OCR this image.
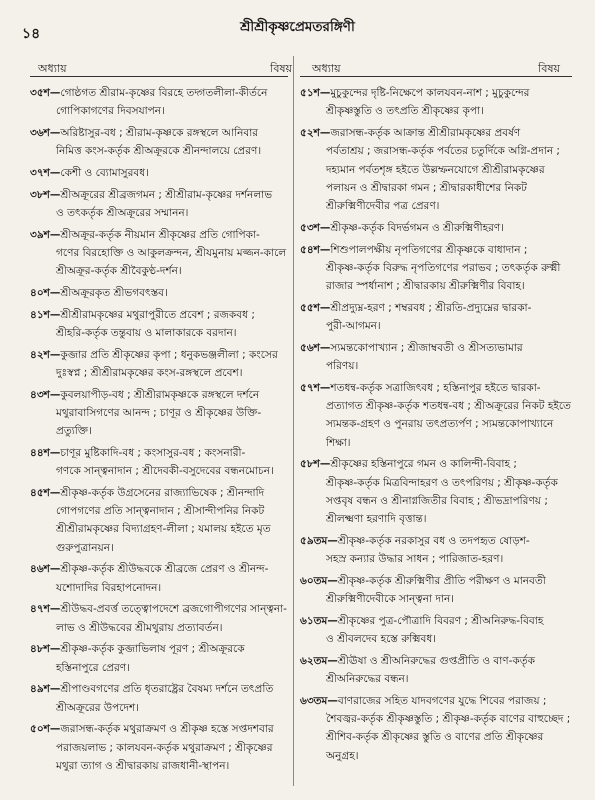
১৪	শ্রীশ্রীকৃষ্ণপ্রেমতরঙ্গিণী
অধ্যায়	বিষয় অধ্যায়	বিষয়
৩৫শ—গোষ্ঠগত শ্রীরাম-কৃষ্ণের বিরহে তদ্গতলীলা-কীর্তনে
গোপিকাগণের দিবসযাপন।
৩৬শ—অরিষ্টাসুর-বধ ; শ্রীরাম-কৃষ্ণকে রঙ্গস্থলে আনিবার
নিমিত্ত কংস-কর্তৃক শ্রীঅক্রূরকে শ্রীনন্দালয়ে প্রেরণ।
৩৭শ—কেশী ও ব্যোমাসুরবধ।
৩৮শ—শ্রীঅক্রূরের শ্রীব্রজগমন ; শ্রীশ্রীরাম-কৃষ্ণের দর্শনলাভ
ও তৎকর্তৃক শ্রীঅক্রূরের সম্মানন।
৩৯শ—শ্রীঅক্রূর-কর্তৃক নীয়মান শ্রীকৃষ্ণের প্রতি গোপিকা-
গণের বিরহোক্তি ও আকুলক্রন্দন, শ্রীযমুনায় মজ্জন-কালে শ্রীঅক্রূর-কর্তৃক শ্রীবৈকুণ্ঠ-দর্শন।
৪০শ—শ্রীঅক্রূরকৃত শ্রীভগবৎস্তব।
৪১শ—শ্রীশ্রীরামকৃষ্ণের মথুরাপুরীতে প্রবেশ ; রজকবধ ;
শ্রীহরি-কর্তৃক তন্তুবায় ও মালাকারকে বরদান।
৪২শ—কুব্জার প্রতি শ্রীকৃষ্ণের কৃপা ; ধনুকভঞ্জলীলা ; কংসের
দুঃস্বপ্ন ; শ্রীশ্রীরামকৃষ্ণের কংস-রঙ্গস্থলে প্রবেশ।
৪৩শ—কুবলয়াপীড়-বধ ; শ্রীশ্রীরামকৃষ্ণকে রঙ্গস্থলে দর্শনে
মথুরাবাসিগণের আনন্দ ; চাণূর ও শ্রীকৃষ্ণের উক্তি-প্রত্যুক্তি।
৪৪শ—চাণূর মুষ্টিকাদি-বধ ; কংসাসুর-বধ ; কংসনারী-
গণকে সান্ত্বনাদান ; শ্রীদেবকী-বসুদেবের বন্ধনমোচন।
৪৫শ—শ্রীকৃষ্ণ-কর্তৃক উগ্রসেনের রাজ্যাভিষেক ; শ্রীনন্দাদি
গোপগণের প্রতি সান্ত্বনাদান ; শ্রীসান্দীপনির নিকট শ্রীশ্রীরামকৃষ্ণের বিদ্যাগ্রহণ-লীলা ; যমালয় হইতে মৃত গুরুপুত্রানয়ন।
৪৬শ—শ্রীকৃষ্ণ-কর্তৃক শ্রীউদ্ধবকে শ্রীব্রজে প্রেরণ ও শ্রীনন্দ-
যশোদাদির বিরহাপনোদন।
৪৭শ—শ্রীউদ্ধব-প্রবর্ত্ত তত্ত্বোপদেশে ব্রজগোপীগণের সান্ত্বনা-
লাভ ও শ্রীউদ্ধবের শ্রীমথুরায় প্রত্যাবর্তন।
৪৮শ—শ্রীকৃষ্ণ-কর্তৃক কুব্জাভিলাষ পূরণ ; শ্রীঅক্রূরকে
হস্তিনাপুরে প্রেরণ।
৪৯শ—শ্রীপাণ্ডবগণের প্রতি ধৃতরাষ্ট্রের বৈষম্য দর্শনে তৎপ্রতি
শ্রীঅক্রূরের উপদেশ।
৫০শ—জরাসন্ধ-কর্তৃক মথুরাক্রমণ ও শ্রীকৃষ্ণ হস্তে সপ্তদশবার
পরাজয়লাভ ; কালযবন-কর্তৃক মথুরাক্রমণ ; শ্রীকৃষ্ণের মথুরা ত্যাগ ও শ্রীদ্বারকায় রাজধানী-স্থাপন।
৫১শ—মুচুকুন্দের দৃষ্টি-নিক্ষেপে কালযবন-নাশ ; মুচুকুন্দের
শ্রীকৃষ্ণস্তুতি ও তৎপ্রতি শ্রীকৃষ্ণের কৃপা।
৫২শ—জরাসন্ধ-কর্তৃক আক্রান্ত শ্রীশ্রীরামকৃষ্ণের প্রবর্ষণ
পর্বতাশ্রয় ; জরাসন্ধ-কর্তৃক পর্বতের চতুর্দিকে অগ্নি-প্রদান ; দহ্যমান পর্বতশৃঙ্গ হইতে উল্লম্ফনযোগে শ্রীশ্রীরামকৃষ্ণের পলায়ন ও শ্রীদ্বারকা গমন ; শ্রীদ্বারকাধীশের নিকট শ্রীরুক্মিণীদেবীর পত্র প্রেরণ।
৫৩শ—শ্রীকৃষ্ণ-কর্তৃক বিদর্ভগমন ও শ্রীরুক্মিণীহরণ।
৫৪শ—শিশুপালপক্ষীয় নৃপতিগণের শ্রীকৃষ্ণকে বাধাদান ;
শ্রীকৃষ্ণ-কর্তৃক বিরুদ্ধ নৃপতিগণের পরাভব ; তৎকর্তৃক রুক্মী রাজার স্পর্ধানাশ ; শ্রীদ্বারকায় শ্রীরুক্মিণীর বিবাহ।
৫৫শ—শ্রীপ্রদ্যুম্ন-হরণ ; শম্বরবধ ; শ্রীরতি-প্রদ্যুম্নের দ্বারকা-
পুরী-আগমন।
৫৬শ—স্যমন্তকোপাখ্যান ; শ্রীজাম্ববতী ও শ্রীসত্যভামার
পরিণয়।
৫৭শ—শতধন্ব-কর্তৃক সত্রাজিৎবধ ; হস্তিনাপুর হইতে দ্বারকা-
প্রত্যাগত শ্রীকৃষ্ণ-কর্তৃক শতধন্ব-বধ ; শ্রীঅক্রূরের নিকট হইতে স্যমন্তক-গ্রহণ ও পুনরায় তৎপ্রত্যর্পণ ; স্যমন্তকোপাখ্যানে শিক্ষা।
৫৮শ—শ্রীকৃষ্ণের হস্তিনাপুরে গমন ও কালিন্দী-বিবাহ ;
শ্রীকৃষ্ণ-কর্তৃক মিত্রবিন্দাহরণ ও তৎপরিণয় ; শ্রীকৃষ্ণ-কর্তৃক সপ্তবৃষ বন্ধন ও শ্রীনাগ্নজিতীর বিবাহ ; শ্রীভদ্রাপরিণয় ; শ্রীলক্ষ্মণা হরণাদি বৃত্তান্ত।
৫৯তম—শ্রীকৃষ্ণ-কর্তৃক নরকাসুর বধ ও তদপহৃত ষোড়শ-
সহস্র কন্যার উদ্ধার সাধন ; পারিজাত-হরণ।
৬০তম—শ্রীকৃষ্ণ-কর্তৃক শ্রীরুক্মিণীর প্রীতি পরীক্ষণ ও মানবতী
শ্রীরুক্মিণীদেবীকে সান্ত্বনা দান।
৬১তম—শ্রীকৃষ্ণের পুত্র-পৌত্রাদি বিবরণ ; শ্রীঅনিরুদ্ধ-বিবাহ
ও শ্রীবলদেব হস্তে রুক্মিবধ।
৬২তম—শ্রীঊষা ও শ্রীঅনিরুদ্ধের গুপ্তপ্রীতি ও বাণ-কর্তৃক
শ্রীঅনিরুদ্ধের বন্ধন।
৬৩তম—বাণরাজের সহিত যাদবগণের যুদ্ধে শিবের পরাজয় ;
শৈবজ্বর-কর্তৃক শ্রীকৃষ্ণস্তুতি ; শ্রীকৃষ্ণ-কর্তৃক বাণের বাহুচ্ছেদ ; শ্রীশিব-কর্তৃক শ্রীকৃষ্ণের স্তুতি ও বাণের প্রতি শ্রীকৃষ্ণের অনুগ্রহ।
